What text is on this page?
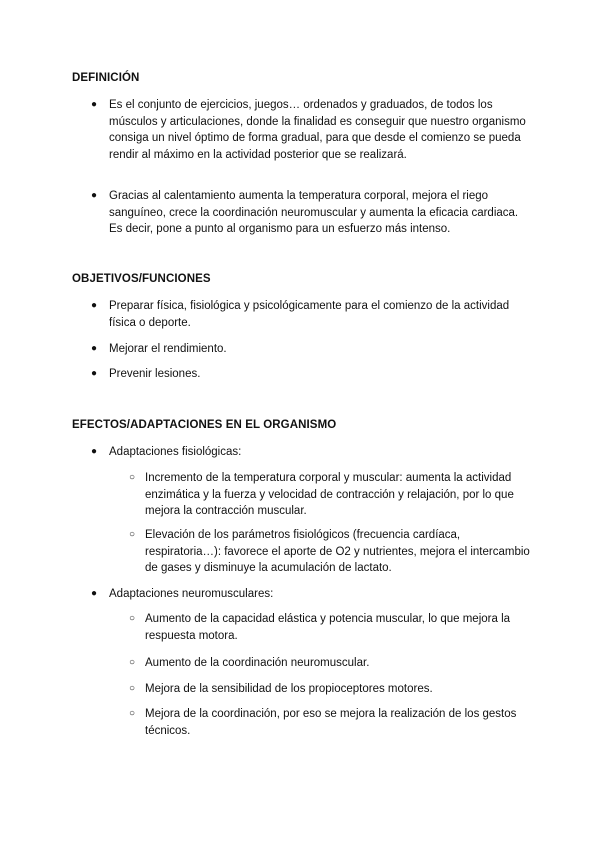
DEFINICIÓN
● Es el conjunto de ejercicios, juegos… ordenados y graduados, de todos los músculos y articulaciones, donde la finalidad es conseguir que nuestro organismo consiga un nivel óptimo de forma gradual, para que desde el comienzo se pueda rendir al máximo en la actividad posterior que se realizará.
● Gracias al calentamiento aumenta la temperatura corporal, mejora el riego sanguíneo, crece la coordinación neuromuscular y aumenta la eficacia cardiaca. Es decir, pone a punto al organismo para un esfuerzo más intenso.
OBJETIVOS/FUNCIONES
● Preparar física, fisiológica y psicológicamente para el comienzo de la actividad física o deporte.
● Mejorar el rendimiento.
● Prevenir lesiones.
EFECTOS/ADAPTACIONES EN EL ORGANISMO
● Adaptaciones fisiológicas:
○ Incremento de la temperatura corporal y muscular: aumenta la actividad enzimática y la fuerza y velocidad de contracción y relajación, por lo que mejora la contracción muscular.
○ Elevación de los parámetros fisiológicos (frecuencia cardíaca, respiratoria…): favorece el aporte de O2 y nutrientes, mejora el intercambio de gases y disminuye la acumulación de lactato.
● Adaptaciones neuromusculares:
○ Aumento de la capacidad elástica y potencia muscular, lo que mejora la respuesta motora.
○ Aumento de la coordinación neuromuscular.
○ Mejora de la sensibilidad de los propioceptores motores.
○ Mejora de la coordinación, por eso se mejora la realización de los gestos técnicos.
